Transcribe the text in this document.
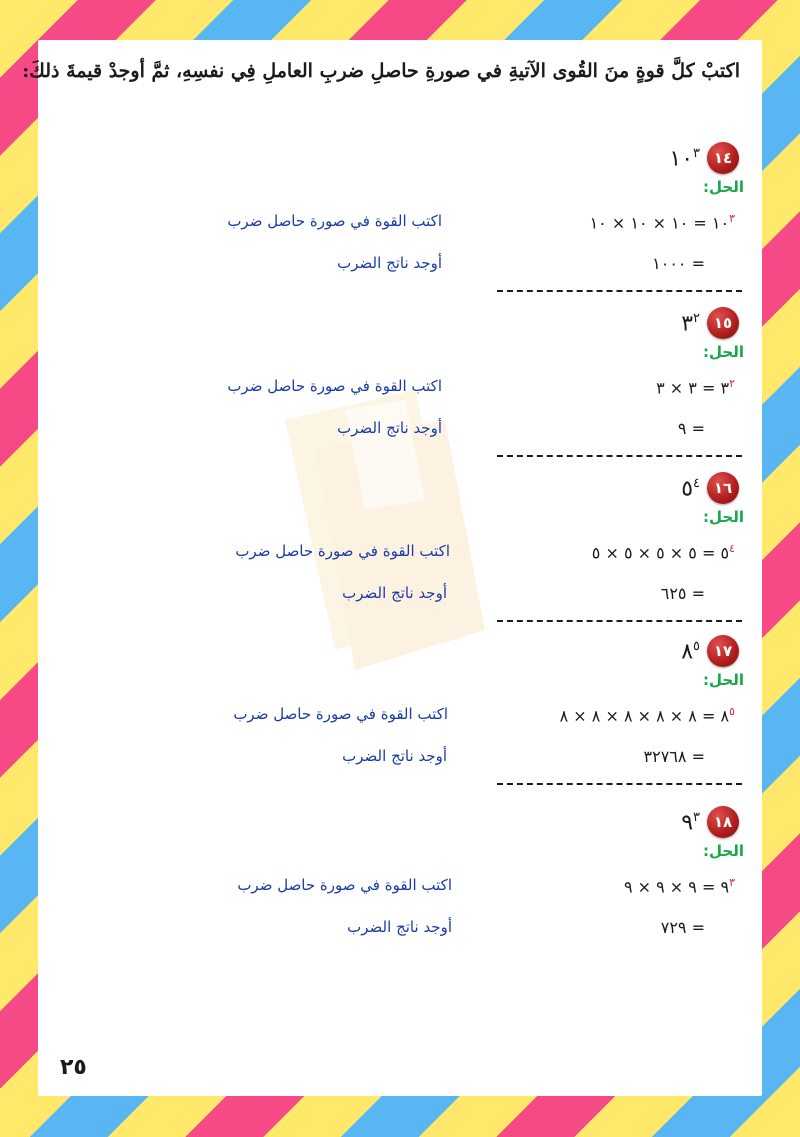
اكتبْ كلَّ قوةٍ منَ القُوى الآتيةِ في صورةِ حاصلِ ضربِ العاملِ فِي نفسِهِ، ثمَّ أوجدْ قيمةَ ذلكَ:
١٤
$١٠^٣$
الحل:
$١٠^٣$ = ١٠ × ١٠ × ١٠
اكتب القوة في صورة حاصل ضرب
= ١٠٠٠
أوجد ناتج الضرب
١٥
$٣^٢$
الحل:
$٣^٢$ = ٣ × ٣
اكتب القوة في صورة حاصل ضرب
= ٩
أوجد ناتج الضرب
١٦
$٥^٤$
الحل:
$٥^٤$ = ٥ × ٥ × ٥ × ٥
اكتب القوة في صورة حاصل ضرب
= ٦٢٥
أوجد ناتج الضرب
١٧
$٨^٥$
الحل:
$٨^٥$ = ٨ × ٨ × ٨ × ٨ × ٨
اكتب القوة في صورة حاصل ضرب
= ٣٢٧٦٨
أوجد ناتج الضرب
١٨
$٩^٣$
الحل:
$٩^٣$ = ٩ × ٩ × ٩
اكتب القوة في صورة حاصل ضرب
= ٧٢٩
أوجد ناتج الضرب
٢٥
